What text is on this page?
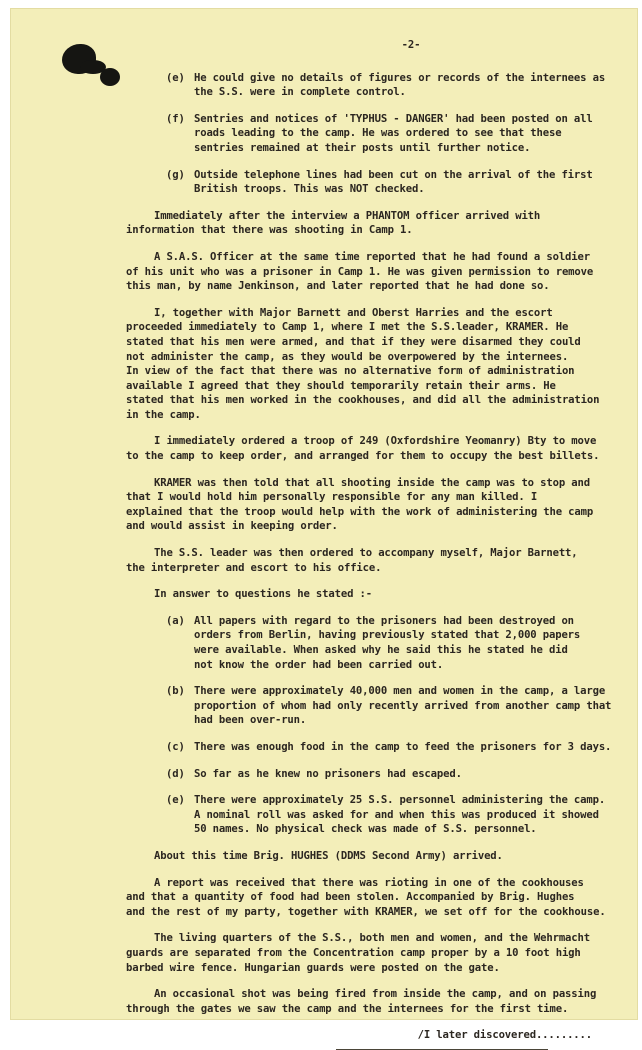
-2-
(e) He could give no details of figures or records of the internees as
the S.S. were in complete control.
(f) Sentries and notices of 'TYPHUS - DANGER' had been posted on all
roads leading to the camp. He was ordered to see that these
sentries remained at their posts until further notice.
(g) Outside telephone lines had been cut on the arrival of the first
British troops. This was NOT checked.
Immediately after the interview a PHANTOM officer arrived with
information that there was shooting in Camp 1.
A S.A.S. Officer at the same time reported that he had found a soldier
of his unit who was a prisoner in Camp 1. He was given permission to remove
this man, by name Jenkinson, and later reported that he had done so.
I, together with Major Barnett and Oberst Harries and the escort
proceeded immediately to Camp 1, where I met the S.S.leader, KRAMER. He
stated that his men were armed, and that if they were disarmed they could
not administer the camp, as they would be overpowered by the internees.
In view of the fact that there was no alternative form of administration
available I agreed that they should temporarily retain their arms. He
stated that his men worked in the cookhouses, and did all the administration
in the camp.
I immediately ordered a troop of 249 (Oxfordshire Yeomanry) Bty to move
to the camp to keep order, and arranged for them to occupy the best billets.
KRAMER was then told that all shooting inside the camp was to stop and
that I would hold him personally responsible for any man killed. I
explained that the troop would help with the work of administering the camp
and would assist in keeping order.
The S.S. leader was then ordered to accompany myself, Major Barnett,
the interpreter and escort to his office.
In answer to questions he stated :-
(a) All papers with regard to the prisoners had been destroyed on
orders from Berlin, having previously stated that 2,000 papers
were available. When asked why he said this he stated he did
not know the order had been carried out.
(b) There were approximately 40,000 men and women in the camp, a large
proportion of whom had only recently arrived from another camp that
had been over-run.
(c) There was enough food in the camp to feed the prisoners for 3 days.
(d) So far as he knew no prisoners had escaped.
(e) There were approximately 25 S.S. personnel administering the camp.
A nominal roll was asked for and when this was produced it showed
50 names. No physical check was made of S.S. personnel.
About this time Brig. HUGHES (DDMS Second Army) arrived.
A report was received that there was rioting in one of the cookhouses
and that a quantity of food had been stolen. Accompanied by Brig. Hughes
and the rest of my party, together with KRAMER, we set off for the cookhouse.
The living quarters of the S.S., both men and women, and the Wehrmacht
guards are separated from the Concentration camp proper by a 10 foot high
barbed wire fence. Hungarian guards were posted on the gate.
An occasional shot was being fired from inside the camp, and on passing
through the gates we saw the camp and the internees for the first time.
/I later discovered.........
